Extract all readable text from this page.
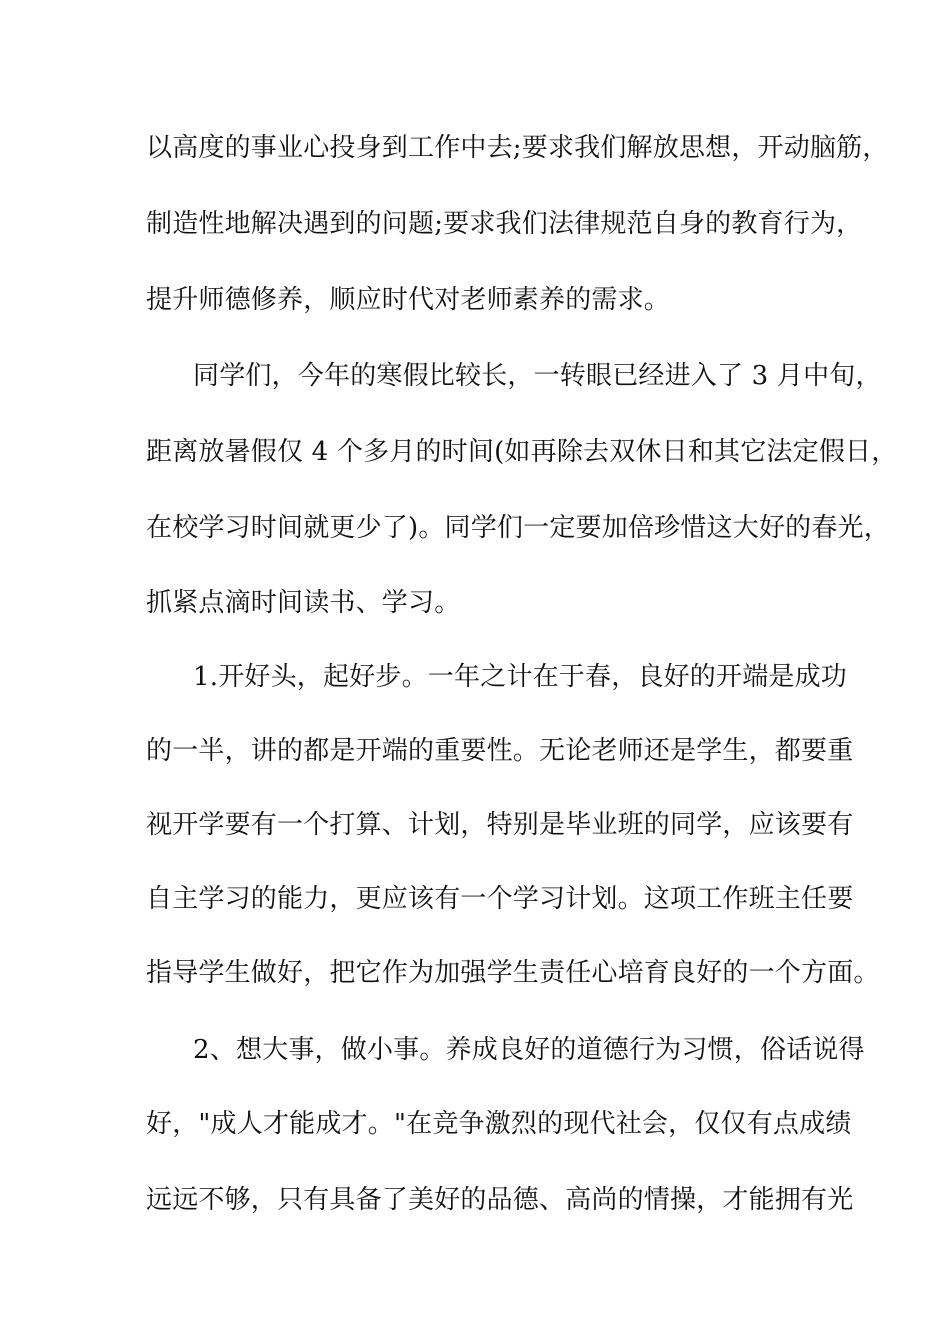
以高度的事业心投身到工作中去;要求我们解放思想，开动脑筋，

制造性地解决遇到的问题;要求我们法律规范自身的教育行为，

提升师德修养，顺应时代对老师素养的需求。

同学们，今年的寒假比较长，一转眼已经进入了 3 月中旬，

距离放暑假仅 4 个多月的时间(如再除去双休日和其它法定假日，

在校学习时间就更少了)。同学们一定要加倍珍惜这大好的春光，

抓紧点滴时间读书、学习。

1.开好头，起好步。一年之计在于春，良好的开端是成功

的一半，讲的都是开端的重要性。无论老师还是学生，都要重

视开学要有一个打算、计划，特别是毕业班的同学，应该要有

自主学习的能力，更应该有一个学习计划。这项工作班主任要

指导学生做好，把它作为加强学生责任心培育良好的一个方面。

2、想大事，做小事。养成良好的道德行为习惯，俗话说得

好，"成人才能成才。"在竞争激烈的现代社会，仅仅有点成绩

远远不够，只有具备了美好的品德、高尚的情操，才能拥有光
